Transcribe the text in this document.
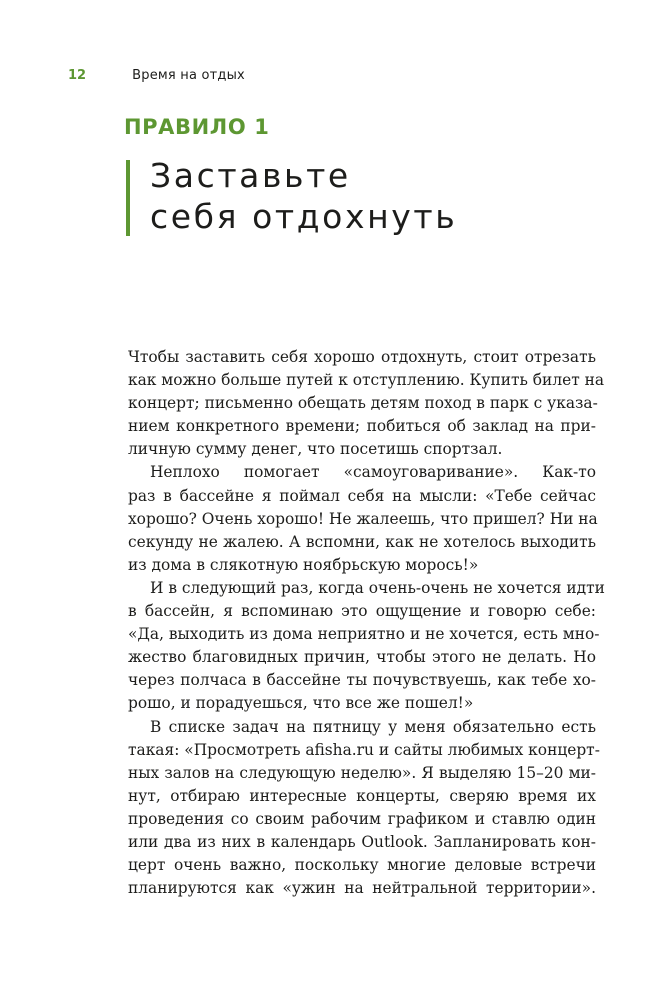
12	Время на отдых
ПРАВИЛО 1
Заставьте
себя отдохнуть
Чтобы заставить себя хорошо отдохнуть, стоит отрезать
как можно больше путей к отступлению. Купить билет на
концерт; письменно обещать детям поход в парк с указа-
нием конкретного времени; побиться об заклад на при-
личную сумму денег, что посетишь спортзал.
Неплохо помогает «самоуговаривание». Как-то
раз в бассейне я поймал себя на мысли: «Тебе сейчас
хорошо? Очень хорошо! Не жалеешь, что пришел? Ни на
секунду не жалею. А вспомни, как не хотелось выходить
из дома в слякотную ноябрьскую морось!»
И в следующий раз, когда очень-очень не хочется идти
в бассейн, я вспоминаю это ощущение и говорю себе:
«Да, выходить из дома неприятно и не хочется, есть мно-
жество благовидных причин, чтобы этого не делать. Но
через полчаса в бассейне ты почувствуешь, как тебе хо-
рошо, и порадуешься, что все же пошел!»
В списке задач на пятницу у меня обязательно есть
такая: «Просмотреть afisha.ru и сайты любимых концерт-
ных залов на следующую неделю». Я выделяю 15–20 ми-
нут, отбираю интересные концерты, сверяю время их
проведения со своим рабочим графиком и ставлю один
или два из них в календарь Outlook. Запланировать кон-
церт очень важно, поскольку многие деловые встречи
планируются как «ужин на нейтральной территории».
